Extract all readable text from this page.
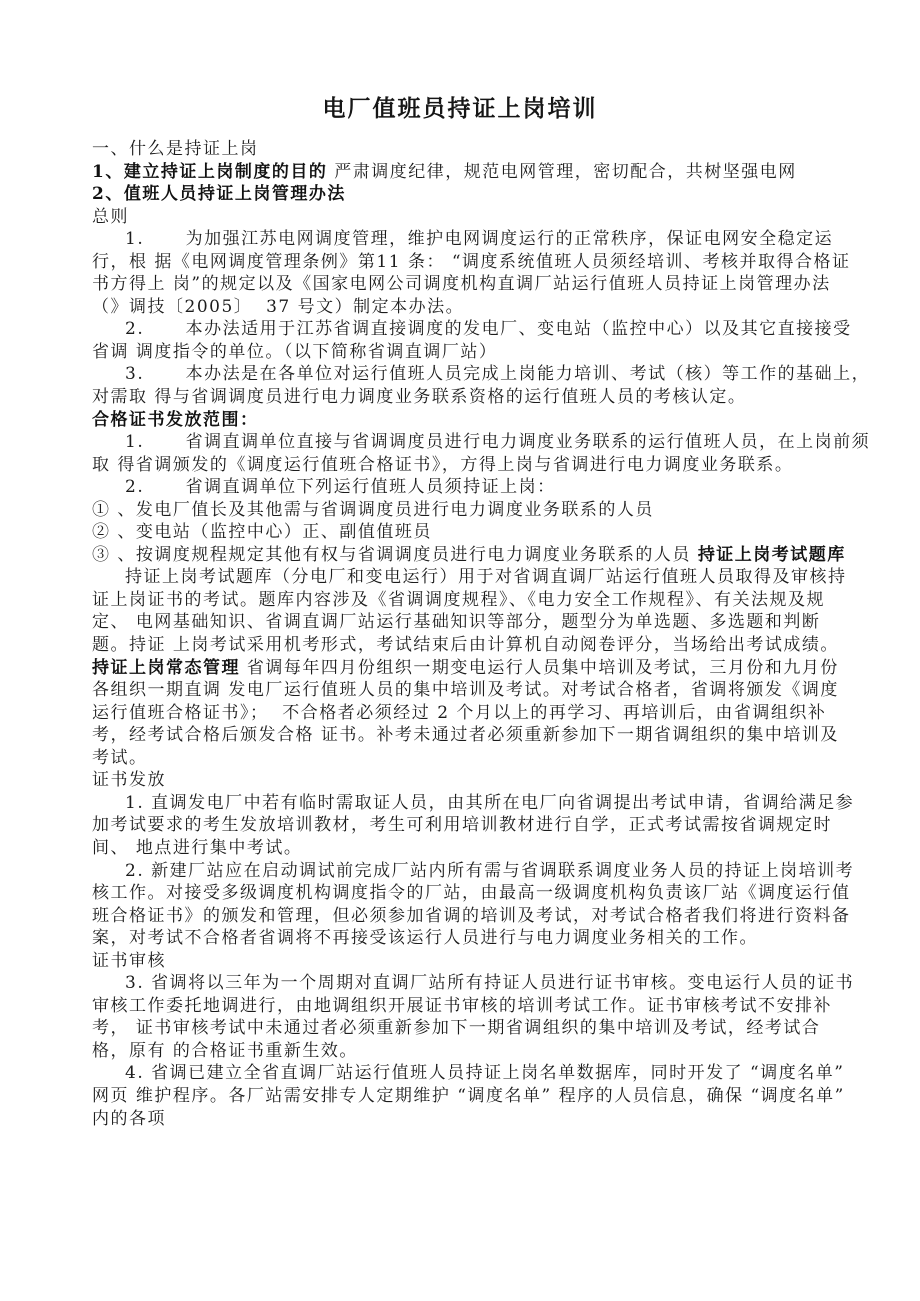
电厂值班员持证上岗培训
一、什么是持证上岗
1、建立持证上岗制度的目的 严肃调度纪律，规范电网管理，密切配合，共树坚强电网
2、值班人员持证上岗管理办法
总则
1.      为加强江苏电网调度管理，维护电网调度运行的正常秩序，保证电网安全稳定运
行，根 据《电网调度管理条例》第11 条： “调度系统值班人员须经培训、考核并取得合格证
书方得上 岗”的规定以及《国家电网公司调度机构直调厂站运行值班人员持证上岗管理办法
（》调技〔2005〕  37 号文）制定本办法。
2.      本办法适用于江苏省调直接调度的发电厂、变电站（监控中心）以及其它直接接受
省调 调度指令的单位。（以下简称省调直调厂站）
3.      本办法是在各单位对运行值班人员完成上岗能力培训、考试（核）等工作的基础上，
对需取 得与省调调度员进行电力调度业务联系资格的运行值班人员的考核认定。
合格证书发放范围：
1.      省调直调单位直接与省调调度员进行电力调度业务联系的运行值班人员，在上岗前须
取 得省调颁发的《调度运行值班合格证书》，方得上岗与省调进行电力调度业务联系。
2.      省调直调单位下列运行值班人员须持证上岗：
① 、发电厂值长及其他需与省调调度员进行电力调度业务联系的人员
② 、变电站（监控中心）正、副值值班员
③ 、按调度规程规定其他有权与省调调度员进行电力调度业务联系的人员 持证上岗考试题库
持证上岗考试题库（分电厂和变电运行）用于对省调直调厂站运行值班人员取得及审核持
证上岗证书的考试。题库内容涉及《省调调度规程》、《电力安全工作规程》、有关法规及规
定、 电网基础知识、省调直调厂站运行基础知识等部分，题型分为单选题、多选题和判断
题。持证 上岗考试采用机考形式，考试结束后由计算机自动阅卷评分，当场给出考试成绩。
持证上岗常态管理 省调每年四月份组织一期变电运行人员集中培训及考试，三月份和九月份
各组织一期直调 发电厂运行值班人员的集中培训及考试。对考试合格者，省调将颁发《调度
运行值班合格证书》；  不合格者必须经过 2 个月以上的再学习、再培训后，由省调组织补
考，经考试合格后颁发合格 证书。补考未通过者必须重新参加下一期省调组织的集中培训及
考试。
证书发放
1. 直调发电厂中若有临时需取证人员，由其所在电厂向省调提出考试申请，省调给满足参
加考试要求的考生发放培训教材，考生可利用培训教材进行自学，正式考试需按省调规定时
间、 地点进行集中考试。
2. 新建厂站应在启动调试前完成厂站内所有需与省调联系调度业务人员的持证上岗培训考
核工作。对接受多级调度机构调度指令的厂站，由最高一级调度机构负责该厂站《调度运行值
班合格证书》的颁发和管理，但必须参加省调的培训及考试，对考试合格者我们将进行资料备
案，对考试不合格者省调将不再接受该运行人员进行与电力调度业务相关的工作。
证书审核
3. 省调将以三年为一个周期对直调厂站所有持证人员进行证书审核。变电运行人员的证书
审核工作委托地调进行，由地调组织开展证书审核的培训考试工作。证书审核考试不安排补
考， 证书审核考试中未通过者必须重新参加下一期省调组织的集中培训及考试，经考试合
格，原有 的合格证书重新生效。
4. 省调已建立全省直调厂站运行值班人员持证上岗名单数据库，同时开发了 “调度名单”
网页 维护程序。各厂站需安排专人定期维护 “调度名单” 程序的人员信息，确保 “调度名单”
内的各项
